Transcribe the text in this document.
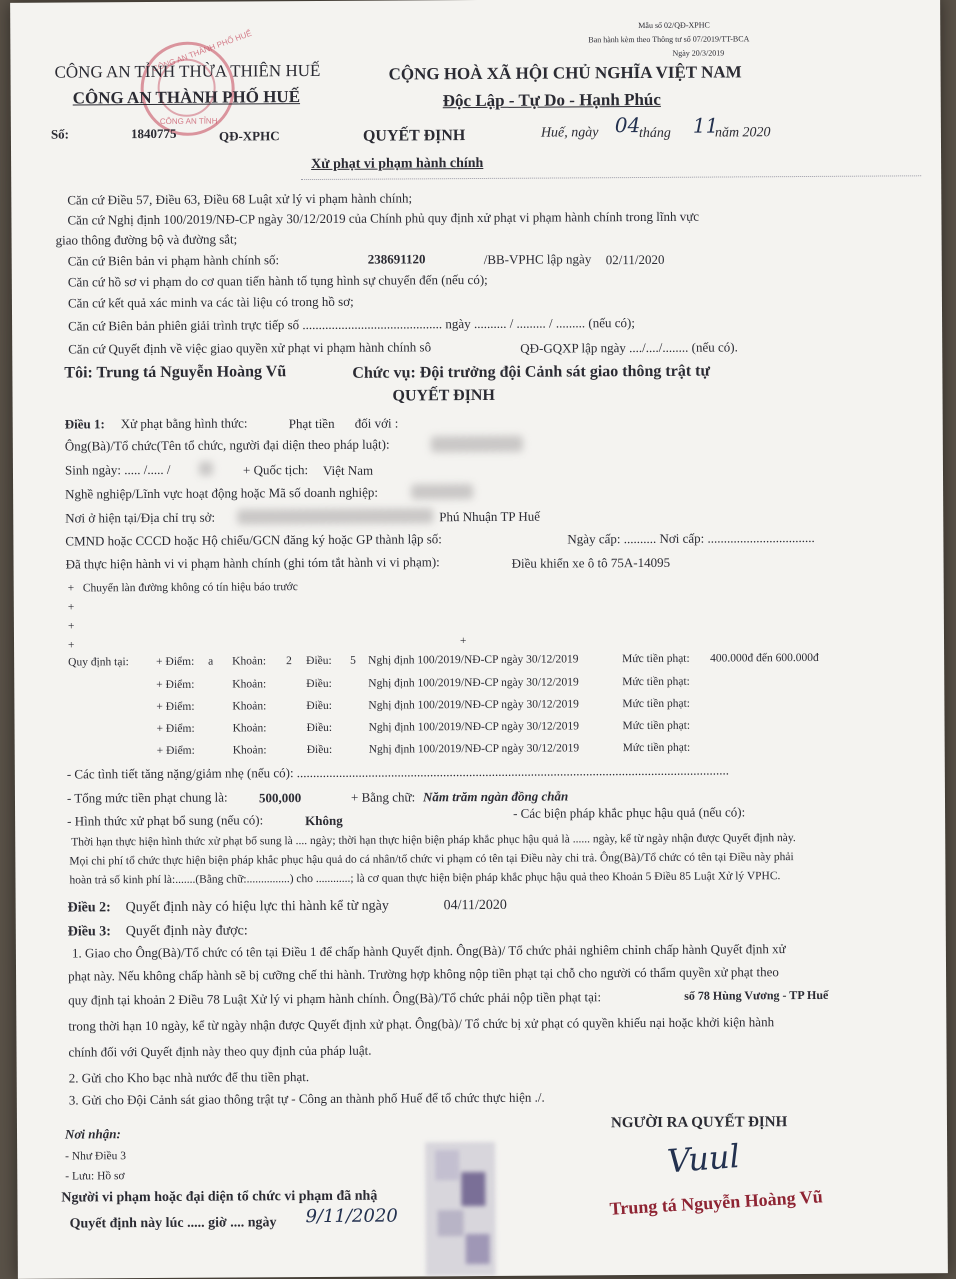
Mẫu số 02/QĐ-XPHC
Ban hành kèm theo Thông tư số 07/2019/TT-BCA
Ngày 20/3/2019
CÔNG AN THÀNH PHỐ HUẾ
CÔNG AN TỈNH
CÔNG AN TỈNH THỪA THIÊN HUẾ
CÔNG AN THÀNH PHỐ HUẾ
CỘNG HOÀ XÃ HỘI CHỦ NGHĨA VIỆT NAM
Độc Lập - Tự Do - Hạnh Phúc
Số:	1840775	QĐ-XPHC	QUYẾT ĐỊNH
Xử phạt vi phạm hành chính
Huế, ngày 04
tháng 11
năm 2020
Căn cứ Điều 57, Điều 63, Điều 68 Luật xử lý vi phạm hành chính;
Căn cứ Nghị định 100/2019/NĐ-CP ngày 30/12/2019 của Chính phủ quy định xử phạt vi phạm hành chính trong lĩnh vực
giao thông đường bộ và đường sắt;
Căn cứ Biên bản vi phạm hành chính số:	238691120	/BB-VPHC lập ngày 02/11/2020
Căn cứ hồ sơ vi phạm do cơ quan tiến hành tố tụng hình sự chuyển đến (nếu có);
Căn cứ kết quả xác minh va các tài liệu có trong hồ sơ;
Căn cứ Biên bản phiên giải trình trực tiếp số ........................................... ngày .......... / ......... / ......... (nếu có);
Căn cứ Quyết định về việc giao quyền xử phạt vi phạm hành chính sô	QĐ-GQXP lập ngày ..../..../........ (nếu có).
Tôi: Trung tá Nguyễn Hoàng Vũ	Chức vụ: Đội trưởng đội Cảnh sát giao thông trật tự
QUYẾT ĐỊNH
Điều 1: Xử phạt bằng hình thức:	Phạt tiền đối với :
Ông(Bà)/Tổ chức(Tên tổ chức, người đại diện theo pháp luật):
Sinh ngày: ..... /..... /	+ Quốc tịch: Việt Nam
Nghề nghiệp/Lĩnh vực hoạt động hoặc Mã số doanh nghiệp:
Nơi ở hiện tại/Địa chỉ trụ sở:	Phú Nhuận TP Huế
CMND hoặc CCCD hoặc Hộ chiếu/GCN đăng ký hoặc GP thành lập số:	Ngày cấp: .......... Nơi cấp: .................................
Đã thực hiện hành vi vi phạm hành chính (ghi tóm tắt hành vi vi phạm):	Điều khiển xe ô tô 75A-14095
+   Chuyển làn đường không có tín hiệu báo trước
+
+
+	+
Quy định tại: + Điểm: a Khoản: 2 Điều: 5 Nghị định 100/2019/NĐ-CP ngày 30/12/2019	Mức tiền phạt: 400.000đ đến 600.000đ
+ Điểm:	Khoản:	Điều:	Nghị định 100/2019/NĐ-CP ngày 30/12/2019	Mức tiền phạt:
+ Điểm:	Khoản:	Điều:	Nghị định 100/2019/NĐ-CP ngày 30/12/2019	Mức tiền phạt:
+ Điểm:	Khoản:	Điều:	Nghị định 100/2019/NĐ-CP ngày 30/12/2019	Mức tiền phạt:
+ Điểm:	Khoản:	Điều:	Nghị định 100/2019/NĐ-CP ngày 30/12/2019	Mức tiền phạt:
- Các tình tiết tăng nặng/giảm nhẹ (nếu có): .....................................................................................................................................
- Tổng mức tiền phạt chung là: 500,000	+ Bằng chữ: Năm trăm ngàn đồng chẵn
- Các biện pháp khắc phục hậu quả (nếu có):
- Hình thức xử phạt bổ sung (nếu có):	Không
Thời hạn thực hiện hình thức xử phạt bổ sung là .... ngày; thời hạn thực hiện biện pháp khắc phục hậu quả là ...... ngày, kể từ ngày nhận được Quyết định này.
Mọi chi phí tổ chức thực hiện biện pháp khắc phục hậu quả do cá nhân/tổ chức vi phạm có tên tại Điều này chi trả. Ông(Bà)/Tổ chức có tên tại Điều này phải
hoàn trả số kinh phí là:.......(Bằng chữ:...............) cho ............; là cơ quan thực hiện biện pháp khắc phục hậu quả theo Khoản 5 Điều 85 Luật Xử lý VPHC.
Điều 2: Quyết định này có hiệu lực thi hành kể từ ngày	04/11/2020
Điều 3: Quyết định này được:
1. Giao cho Ông(Bà)/Tổ chức có tên tại Điều 1 để chấp hành Quyết định. Ông(Bà)/ Tổ chức phải nghiêm chỉnh chấp hành Quyết định xử
phạt này. Nếu không chấp hành sẽ bị cưỡng chế thi hành. Trường hợp không nộp tiền phạt tại chỗ cho người có thẩm quyền xử phạt theo
quy định tại khoản 2 Điều 78 Luật Xử lý vi phạm hành chính. Ông(Bà)/Tổ chức phải nộp tiền phạt tại:	số 78 Hùng Vương - TP Huế
trong thời hạn 10 ngày, kể từ ngày nhận được Quyết định xử phạt. Ông(bà)/ Tổ chức bị xử phạt có quyền khiếu nại hoặc khởi kiện hành
chính đối với Quyết định này theo quy định của pháp luật.
2. Gửi cho Kho bạc nhà nước để thu tiền phạt.
3. Gửi cho Đội Cảnh sát giao thông trật tự - Công an thành phố Huế để tổ chức thực hiện ./.
Nơi nhận:
- Như Điều 3
- Lưu: Hồ sơ
Người vi phạm hoặc đại diện tổ chức vi phạm đã nhậ
Quyết định này lúc ..... giờ .... ngày 9/11/2020
NGƯỜI RA QUYẾT ĐỊNH
Vuul
Trung tá Nguyễn Hoàng Vũ
